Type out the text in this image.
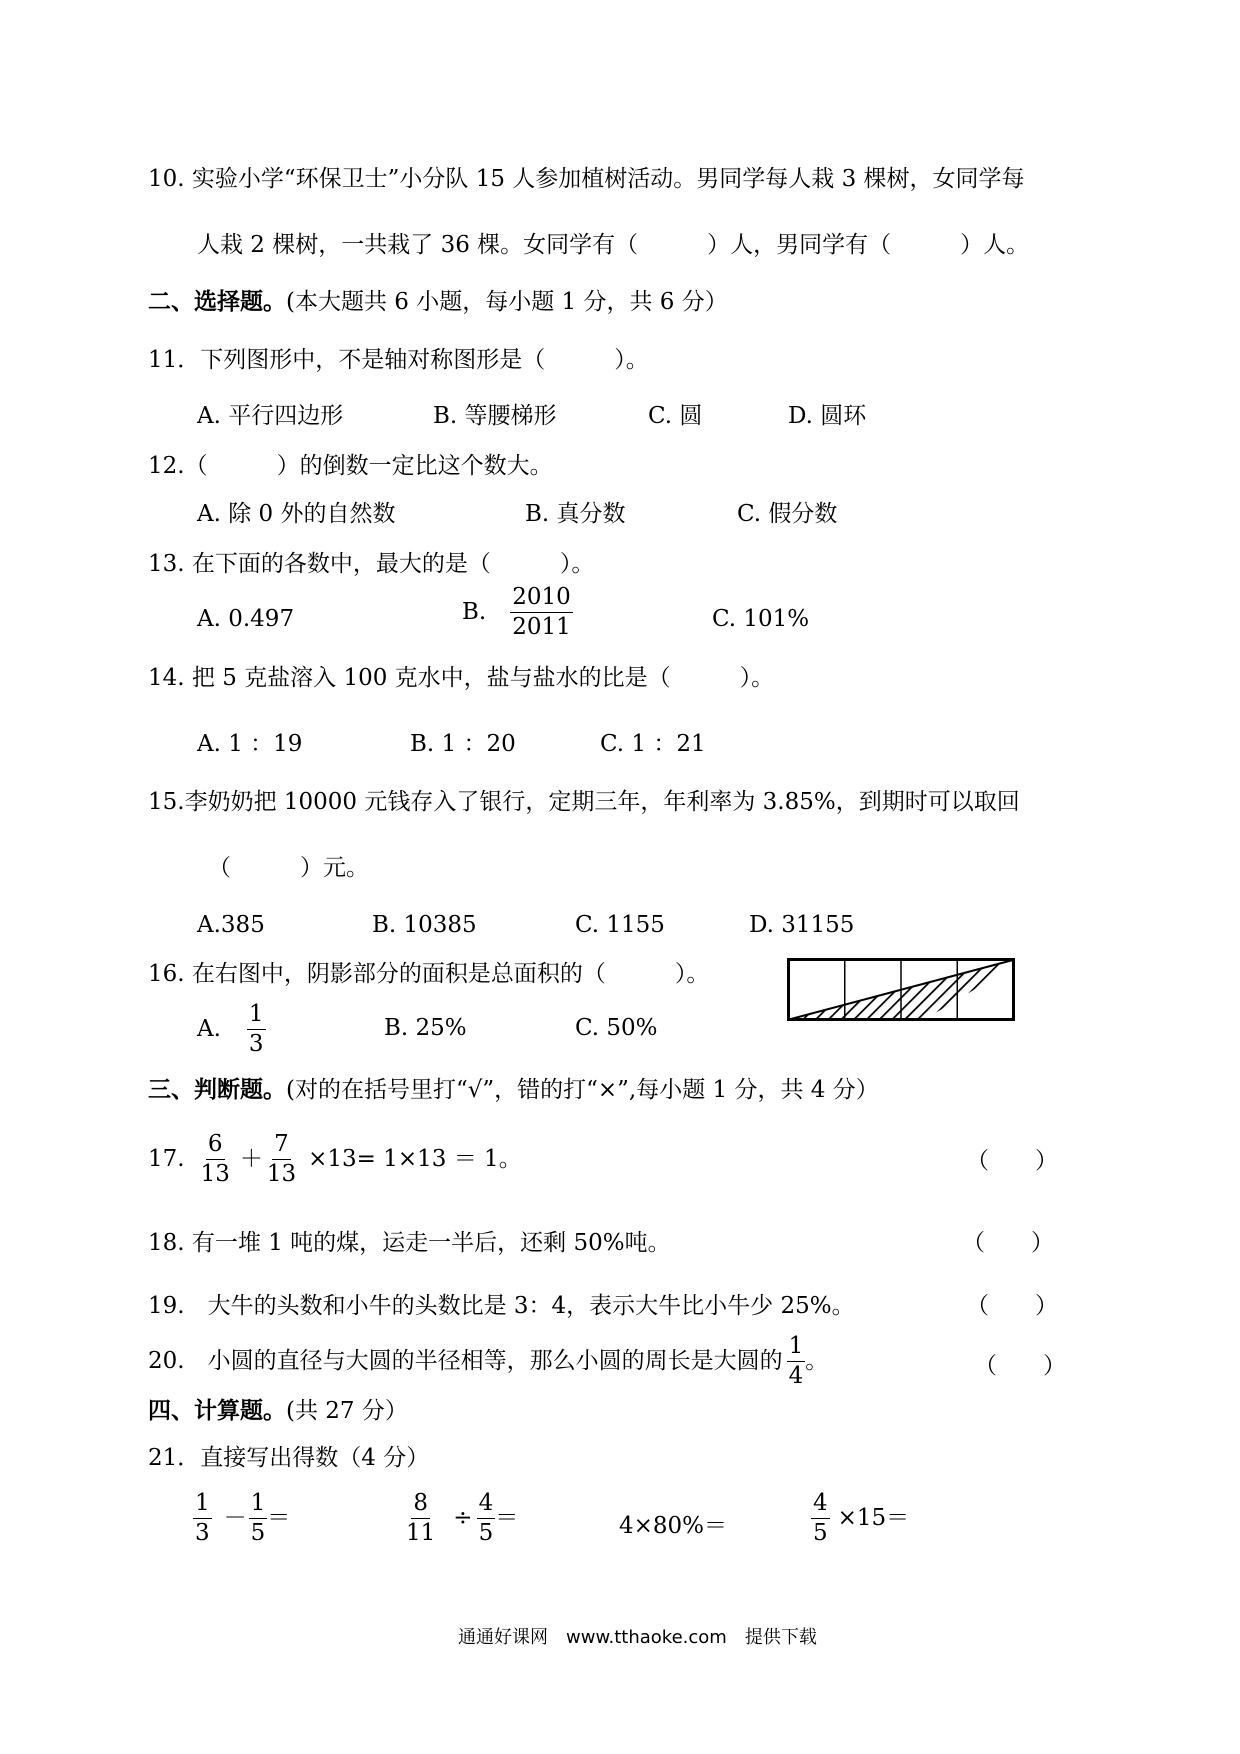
10. 实验小学“环保卫士”小分队 15 人参加植树活动。男同学每人栽 3 棵树，女同学每
人栽 2 棵树，一共栽了 36 棵。女同学有（　　　）人，男同学有（　　　）人。
二、选择题。(本大题共 6 小题，每小题 1 分，共 6 分）
11．下列图形中，不是轴对称图形是（　　　）。
A. 平行四边形	B. 等腰梯形	C. 圆	D. 圆环
12.（　　　）的倒数一定比这个数大。
A. 除 0 外的自然数	B. 真分数	C. 假分数
13. 在下面的各数中，最大的是（　　　）。
A. 0.497	B. $\frac{2010}{2011}$	C. 101%
14. 把 5 克盐溶入 100 克水中，盐与盐水的比是（　　　）。
A. 1 ：19	B. 1 ：20	C. 1 ：21
15.李奶奶把 10000 元钱存入了银行，定期三年，年利率为 3.85%，到期时可以取回
（　　　）元。
A.385	B. 10385	C. 1155	D. 31155
16. 在右图中，阴影部分的面积是总面积的（　　　）。
A. $\frac{1}{3}$	B. 25%	C. 50%
三、判断题。(对的在括号里打“√”，错的打“×”,每小题 1 分，共 4 分）
17. $\frac{6}{13} + \frac{7}{13} \times 13= 1\times 13 = 1$。	（　　）
18. 有一堆 1 吨的煤，运走一半后，还剩 50%吨。	（　　）
19.　大牛的头数和小牛的头数比是 3：4，表示大牛比小牛少 25%。	（　　）
20.　小圆的直径与大圆的半径相等，那么小圆的周长是大圆的 $\frac{1}{4}$ 。	（　　）
四、计算题。(共 27 分）
21．直接写出得数（4 分）
$\frac{1}{3} - \frac{1}{5}$ ＝	$\frac{8}{11} \div \frac{4}{5}$ ＝	4×80%＝	$\frac{4}{5} \times 15=$
通通好课网　www.tthaoke.com　提供下载
